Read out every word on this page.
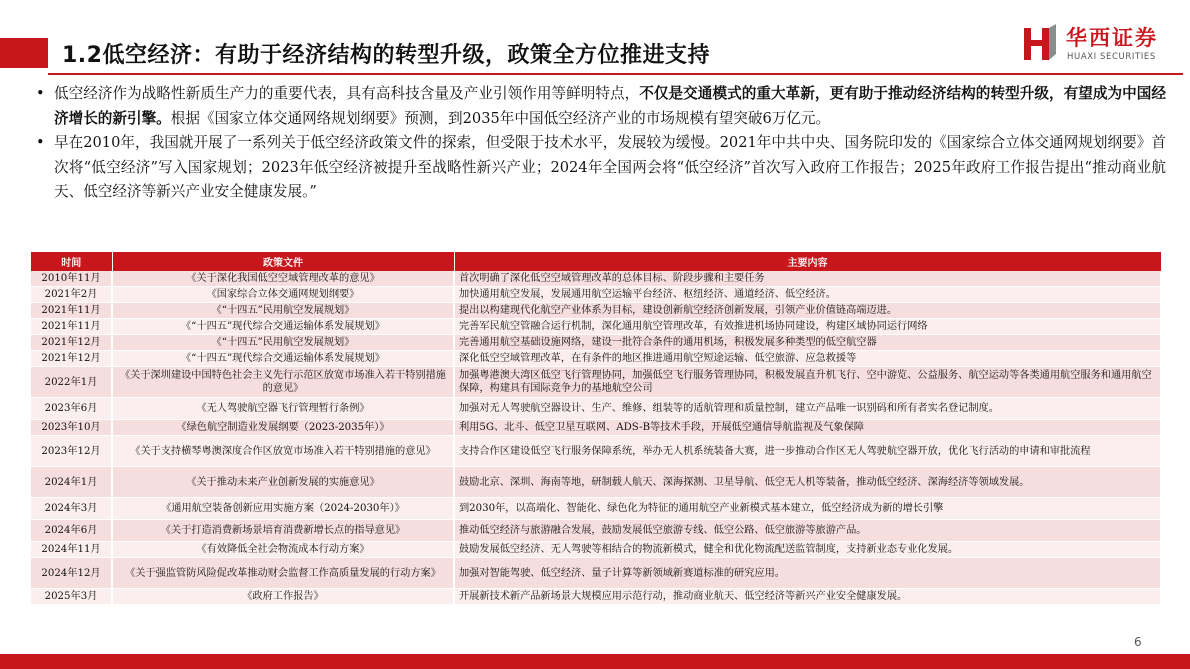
1.2低空经济：有助于经济结构的转型升级，政策全方位推进支持
华西证券
HUAXI SECURITIES
• 低空经济作为战略性新质生产力的重要代表，具有高科技含量及产业引领作用等鲜明特点，不仅是交通模式的重大革新，更有助于推动经济结构的转型升级，有望成为中国经济增长的新引擎。根据《国家立体交通网络规划纲要》预测，到2035年中国低空经济产业的市场规模有望突破6万亿元。
• 早在2010年，我国就开展了一系列关于低空经济政策文件的探索，但受限于技术水平，发展较为缓慢。2021年中共中央、国务院印发的《国家综合立体交通网规划纲要》首次将“低空经济”写入国家规划；2023年低空经济被提升至战略性新兴产业；2024年全国两会将“低空经济”首次写入政府工作报告；2025年政府工作报告提出“推动商业航天、低空经济等新兴产业安全健康发展。”
时间	政策文件	主要内容
2010年11月	《关于深化我国低空空域管理改革的意见》	首次明确了深化低空空域管理改革的总体目标、阶段步骤和主要任务
2021年2月	《国家综合立体交通网规划纲要》	加快通用航空发展，发展通用航空运输平台经济、枢纽经济、通道经济、低空经济。
2021年11月	《“十四五”民用航空发展规划》	提出以构建现代化航空产业体系为目标，建设创新航空经济创新发展，引领产业价值链高端迈进。
2021年11月	《“十四五”现代综合交通运输体系发展规划》	完善军民航空管融合运行机制，深化通用航空管理改革，有效推进机场协同建设，构建区域协同运行网络
2021年12月	《“十四五”民用航空发展规划》	完善通用航空基础设施网络，建设一批符合条件的通用机场，积极发展多种类型的低空航空器
2021年12月	《“十四五”现代综合交通运输体系发展规划》	深化低空空域管理改革，在有条件的地区推进通用航空短途运输、低空旅游、应急救援等
2022年1月	《关于深圳建设中国特色社会主义先行示范区放宽市场准入若干特别措施的意见》	加强粤港澳大湾区低空飞行管理协同，加强低空飞行服务管理协同，积极发展直升机飞行、空中游览、公益服务、航空运动等各类通用航空服务和通用航空保障，构建具有国际竞争力的基地航空公司
2023年6月	《无人驾驶航空器飞行管理暂行条例》	加强对无人驾驶航空器设计、生产、维修、组装等的适航管理和质量控制，建立产品唯一识别码和所有者实名登记制度。
2023年10月	《绿色航空制造业发展纲要（2023-2035年）》	利用5G、北斗、低空卫星互联网、ADS-B等技术手段，开展低空通信导航监视及气象保障
2023年12月	《关于支持横琴粤澳深度合作区放宽市场准入若干特别措施的意见》	支持合作区建设低空飞行服务保障系统，举办无人机系统装备大赛，进一步推动合作区无人驾驶航空器开放，优化飞行活动的申请和审批流程
2024年1月	《关于推动未来产业创新发展的实施意见》	鼓励北京、深圳、海南等地，研制载人航天、深海探测、卫星导航、低空无人机等装备，推动低空经济、深海经济等领域发展。
2024年3月	《通用航空装备创新应用实施方案（2024-2030年）》	到2030年，以高端化、智能化、绿色化为特征的通用航空产业新模式基本建立，低空经济成为新的增长引擎
2024年6月	《关于打造消费新场景培育消费新增长点的指导意见》	推动低空经济与旅游融合发展，鼓励发展低空旅游专线、低空公路、低空旅游等旅游产品。
2024年11月	《有效降低全社会物流成本行动方案》	鼓励发展低空经济、无人驾驶等相结合的物流新模式，健全和优化物流配送监管制度，支持新业态专业化发展。
2024年12月	《关于强监管防风险促改革推动财会监督工作高质量发展的行动方案》	加强对智能驾驶、低空经济、量子计算等新领域新赛道标准的研究应用。
2025年3月	《政府工作报告》	开展新技术新产品新场景大规模应用示范行动，推动商业航天、低空经济等新兴产业安全健康发展。
6
